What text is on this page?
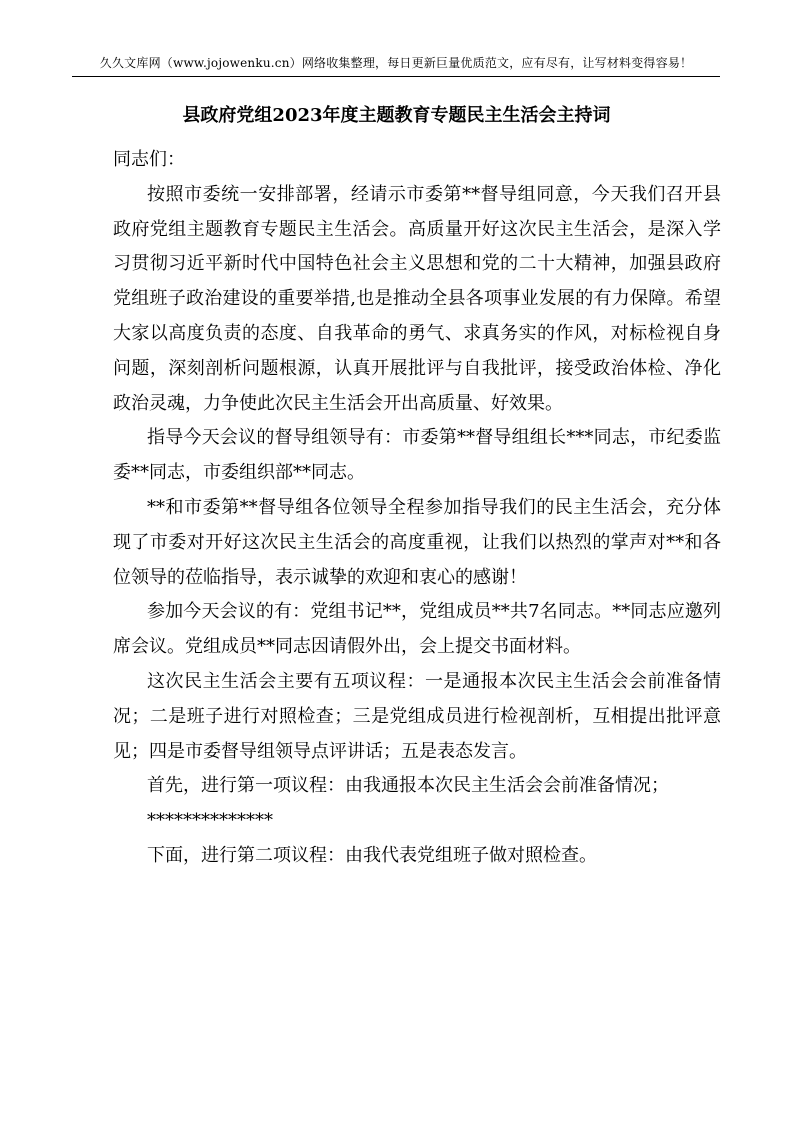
久久文库网（www.jojowenku.cn）网络收集整理，每日更新巨量优质范文，应有尽有，让写材料变得容易！
县政府党组2023年度主题教育专题民主生活会主持词

同志们：

按照市委统一安排部署，经请示市委第**督导组同意，今天我们召开县政府党组主题教育专题民主生活会。高质量开好这次民主生活会，是深入学习贯彻习近平新时代中国特色社会主义思想和党的二十大精神，加强县政府党组班子政治建设的重要举措,也是推动全县各项事业发展的有力保障。希望大家以高度负责的态度、自我革命的勇气、求真务实的作风，对标检视自身问题，深刻剖析问题根源，认真开展批评与自我批评，接受政治体检、净化政治灵魂，力争使此次民主生活会开出高质量、好效果。

指导今天会议的督导组领导有：市委第**督导组组长***同志，市纪委监委**同志，市委组织部**同志。

**和市委第**督导组各位领导全程参加指导我们的民主生活会，充分体现了市委对开好这次民主生活会的高度重视，让我们以热烈的掌声对**和各位领导的莅临指导，表示诚挚的欢迎和衷心的感谢！

参加今天会议的有：党组书记**，党组成员**共7名同志。**同志应邀列席会议。党组成员**同志因请假外出，会上提交书面材料。

这次民主生活会主要有五项议程：一是通报本次民主生活会会前准备情况；二是班子进行对照检查；三是党组成员进行检视剖析，互相提出批评意见；四是市委督导组领导点评讲话；五是表态发言。

首先，进行第一项议程：由我通报本次民主生活会会前准备情况；

**************

下面，进行第二项议程：由我代表党组班子做对照检查。
